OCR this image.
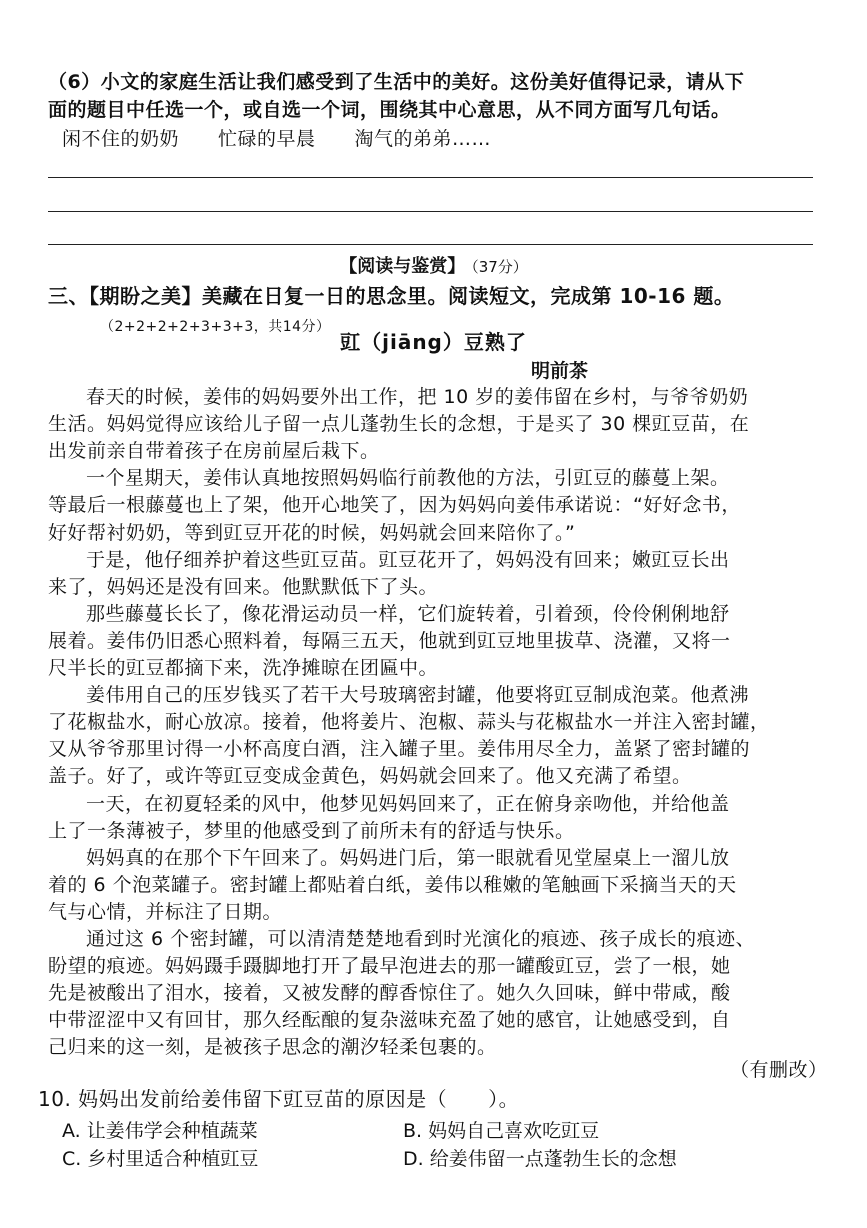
（6）小文的家庭生活让我们感受到了生活中的美好。这份美好值得记录，请从下
面的题目中任选一个，或自选一个词，围绕其中心意思，从不同方面写几句话。
闲不住的奶奶　　忙碌的早晨　　淘气的弟弟……
【阅读与鉴赏】 （37分）
三、【期盼之美】美藏在日复一日的思念里。阅读短文，完成第 10-16 题。
（2+2+2+2+3+3+3，共14分）
豇（jiāng）豆熟了
明前茶
春天的时候，姜伟的妈妈要外出工作，把 10 岁的姜伟留在乡村，与爷爷奶奶
生活。妈妈觉得应该给儿子留一点儿蓬勃生长的念想，于是买了 30 棵豇豆苗，在
出发前亲自带着孩子在房前屋后栽下。
一个星期天，姜伟认真地按照妈妈临行前教他的方法，引豇豆的藤蔓上架。
等最后一根藤蔓也上了架，他开心地笑了，因为妈妈向姜伟承诺说：“好好念书，
好好帮衬奶奶，等到豇豆开花的时候，妈妈就会回来陪你了。”
于是，他仔细养护着这些豇豆苗。豇豆花开了，妈妈没有回来；嫩豇豆长出
来了，妈妈还是没有回来。他默默低下了头。
那些藤蔓长长了，像花滑运动员一样，它们旋转着，引着颈，伶伶俐俐地舒
展着。姜伟仍旧悉心照料着，每隔三五天，他就到豇豆地里拔草、浇灌，又将一
尺半长的豇豆都摘下来，洗净摊晾在团匾中。
姜伟用自己的压岁钱买了若干大号玻璃密封罐，他要将豇豆制成泡菜。他煮沸
了花椒盐水，耐心放凉。接着，他将姜片、泡椒、蒜头与花椒盐水一并注入密封罐，
又从爷爷那里讨得一小杯高度白酒，注入罐子里。姜伟用尽全力，盖紧了密封罐的
盖子。好了，或许等豇豆变成金黄色，妈妈就会回来了。他又充满了希望。
一天，在初夏轻柔的风中，他梦见妈妈回来了，正在俯身亲吻他，并给他盖
上了一条薄被子，梦里的他感受到了前所未有的舒适与快乐。
妈妈真的在那个下午回来了。妈妈进门后，第一眼就看见堂屋桌上一溜儿放
着的 6 个泡菜罐子。密封罐上都贴着白纸，姜伟以稚嫩的笔触画下采摘当天的天
气与心情，并标注了日期。
通过这 6 个密封罐，可以清清楚楚地看到时光演化的痕迹、孩子成长的痕迹、
盼望的痕迹。妈妈蹑手蹑脚地打开了最早泡进去的那一罐酸豇豆，尝了一根，她
先是被酸出了泪水，接着，又被发酵的醇香惊住了。她久久回味，鲜中带咸，酸
中带涩涩中又有回甘，那久经酝酿的复杂滋味充盈了她的感官，让她感受到，自
己归来的这一刻，是被孩子思念的潮汐轻柔包裹的。
（有删改）
10. 妈妈出发前给姜伟留下豇豆苗的原因是（　　）。
A. 让姜伟学会种植蔬菜	B. 妈妈自己喜欢吃豇豆
C. 乡村里适合种植豇豆	D. 给姜伟留一点蓬勃生长的念想
